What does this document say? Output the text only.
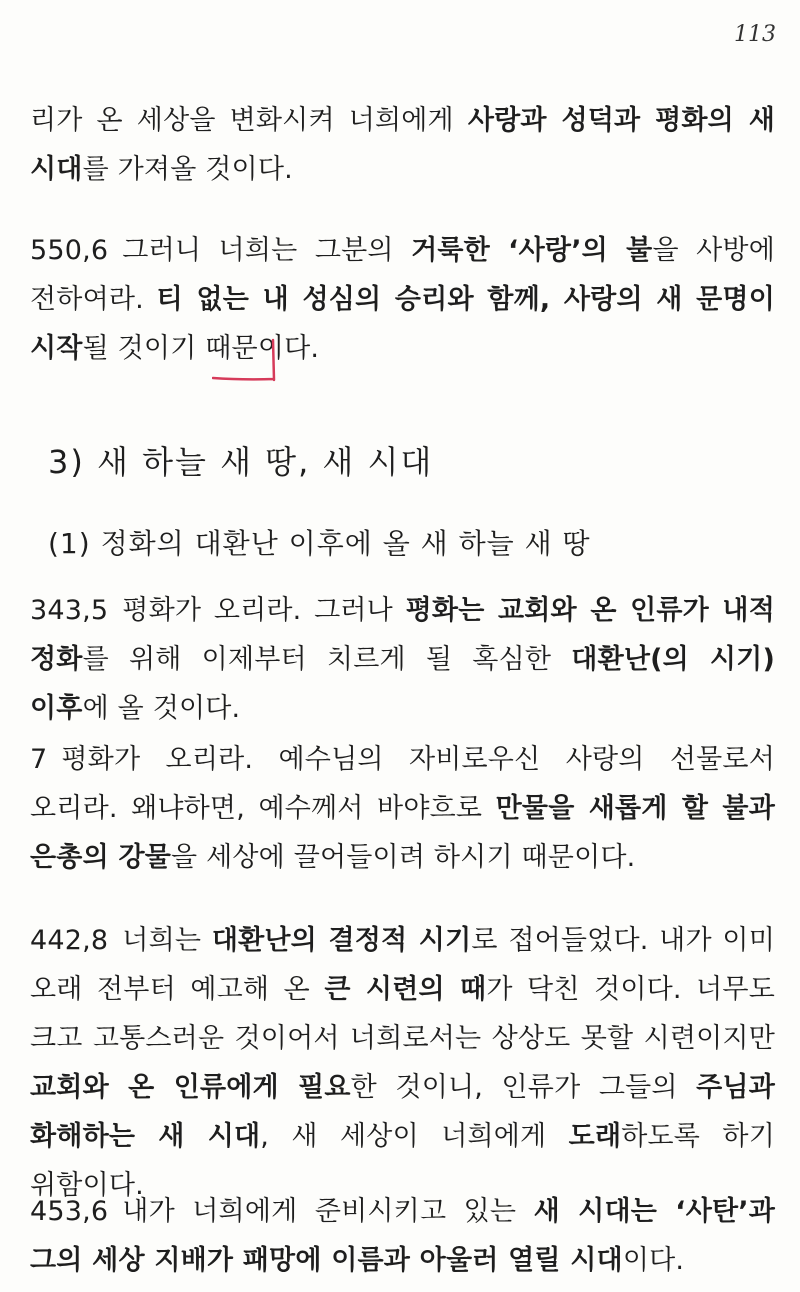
113
리가 온 세상을 변화시켜 너희에게 사랑과 성덕과 평화의 새 시대를 가져올 것이다.
550,6 그러니 너희는 그분의 거룩한 ‘사랑’의 불을 사방에 전하여라. 티 없는 내 성심의 승리와 함께, 사랑의 새 문명이 시작될 것이기 때문이다.
3) 새 하늘 새 땅, 새 시대
(1) 정화의 대환난 이후에 올 새 하늘 새 땅
343,5 평화가 오리라. 그러나 평화는 교회와 온 인류가 내적 정화를 위해 이제부터 치르게 될 혹심한 대환난(의 시기) 이후에 올 것이다.
7 평화가 오리라. 예수님의 자비로우신 사랑의 선물로서 오리라. 왜냐하면, 예수께서 바야흐로 만물을 새롭게 할 불과 은총의 강물을 세상에 끌어들이려 하시기 때문이다.
442,8 너희는 대환난의 결정적 시기로 접어들었다. 내가 이미 오래 전부터 예고해 온 큰 시련의 때가 닥친 것이다. 너무도 크고 고통스러운 것이어서 너희로서는 상상도 못할 시련이지만 교회와 온 인류에게 필요한 것이니, 인류가 그들의 주님과 화해하는 새 시대, 새 세상이 너희에게 도래하도록 하기 위함이다.
453,6 내가 너희에게 준비시키고 있는 새 시대는 ‘사탄’과 그의 세상 지배가 패망에 이름과 아울러 열릴 시대이다.
